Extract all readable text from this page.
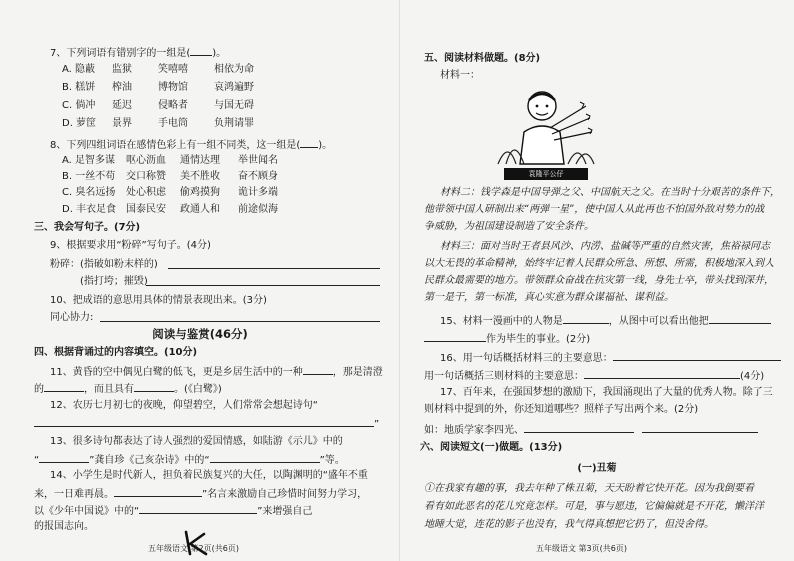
7、下列词语有错别字的一组是( )。
A. 隐蔽 监狱	笑嘻嘻	相依为命
B. 糕饼 榨油	博物馆	哀鸿遍野
C. 倘冲 延迟	侵略者	与国无碍
D. 萝筐 景界	手电筒	负荆请罪
8、下列四组词语在感情色彩上有一组不同类，这一组是( )。
A. 足智多谋 呕心沥血 通情达理 举世闻名
B. 一丝不苟 交口称赞 美不胜收 奋不顾身
C. 臭名远扬 处心积虑 偷鸡摸狗 诡计多端
D. 丰衣足食 国泰民安 政通人和 前途似海
三、我会写句子。(7分)
9、根据要求用“粉碎”写句子。(4分)
粉碎：(指破如粉末样的)
(指打垮；摧毁)
10、把成语的意思用具体的情景表现出来。(3分)
同心协力:
阅读与鉴赏(46分)
四、根据背诵过的内容填空。(10分)
11、黄昏的空中偶见白鹭的低飞，更是乡居生活中的一种	，那是清澄
的	，而且具有	。(《白鹭》)
12、农历七月初七的夜晚，仰望碧空，人们常常会想起诗句“
”
13、很多诗句都表达了诗人强烈的爱国情感，如陆游《示儿》中的
“	”龚自珍《己亥杂诗》中的“	”等。
14、小学生是时代新人，担负着民族复兴的大任，以陶渊明的“盛年不重
来，一日难再晨。	”名言来激励自己珍惜时间努力学习，
以《少年中国说》中的“	”来增强自己
的报国志向。
五年级语文 第2页(共6页)
五、阅读材料做题。(8分)
材料一：
袁隆平公仔
材料二：钱学森是中国导弹之父、中国航天之父。在当时十分艰苦的条件下，
他带领中国人研制出来“两弹一星”，使中国人从此再也不怕国外敌对势力的战
争威胁，为祖国建设制造了安全条件。
材料三：面对当时王者县风沙、内涝、盐碱等严重的自然灾害，焦裕禄同志
以大无畏的革命精神，始终牢记着人民群众所急、所想、所需，积极地深入到人
民群众最需要的地方。带领群众奋战在抗灾第一线，身先士卒，带头找到深井，
第一是干，第一标准，真心实意为群众谋福祉、谋利益。
15、材料一漫画中的人物是	，从图中可以看出他把
作为毕生的事业。(2分)
16、用一句话概括材料三的主要意思：
用一句话概括三则材料的主要意思：	(4分)
17、百年来，在强国梦想的激励下，我国涌现出了大量的优秀人物。除了三
则材料中提到的外，你还知道哪些？照样子写出两个来。(2分)
如：地质学家李四光、
六、阅读短文(一)做题。(13分)
(一)丑菊
①在我家有趣的事，我去年种了株丑菊，天天盼着它快开花。因为我倒要看
看有如此恶名的花儿究竟怎样。可是，事与愿违，它偏偏就是不开花，懒洋洋
地睡大觉，连花的影子也没有，我气得真想把它扔了，但没舍得。
五年级语文 第3页(共6页)
